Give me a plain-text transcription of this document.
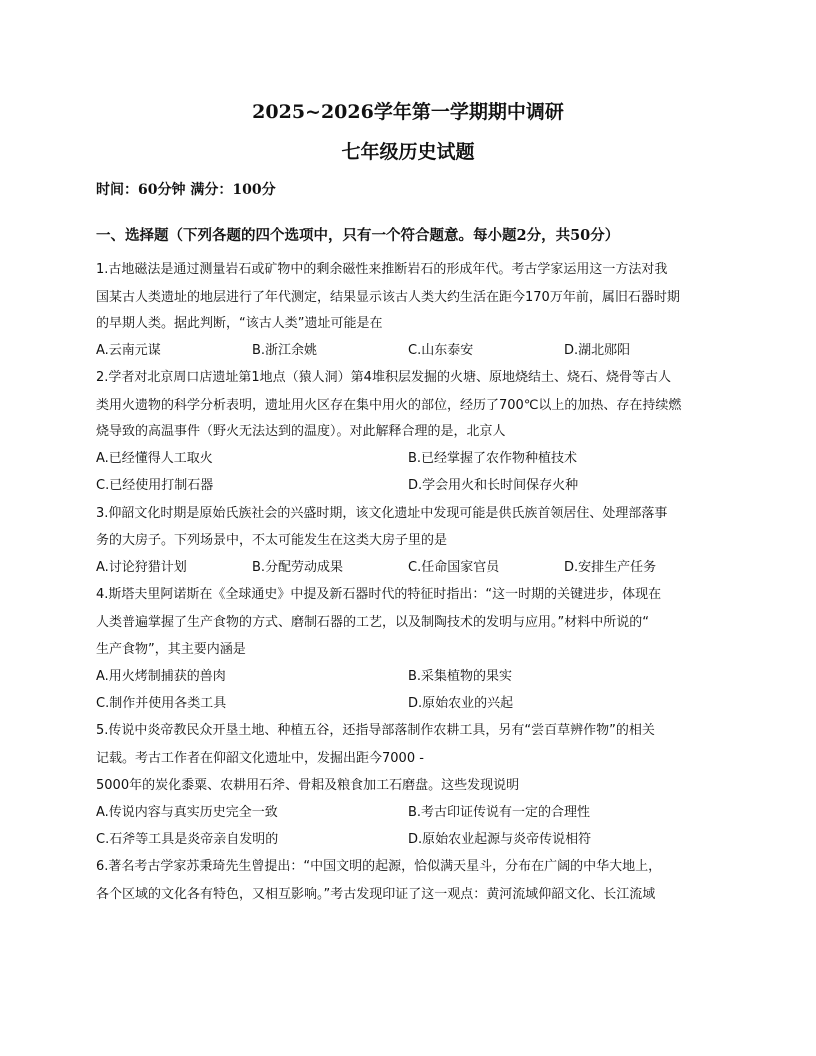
2025~2026学年第一学期期中调研
七年级历史试题
时间：60分钟 满分：100分
一、选择题（下列各题的四个选项中，只有一个符合题意。每小题2分，共50分）
1.古地磁法是通过测量岩石或矿物中的剩余磁性来推断岩石的形成年代。考古学家运用这一方法对我
国某古人类遗址的地层进行了年代测定，结果显示该古人类大约生活在距今170万年前，属旧石器时期
的早期人类。据此判断，“该古人类”遗址可能是在
A.云南元谋	B.浙江余姚	C.山东泰安	D.湖北郧阳
2.学者对北京周口店遗址第1地点（猿人洞）第4堆积层发掘的火塘、原地烧结土、烧石、烧骨等古人
类用火遗物的科学分析表明，遗址用火区存在集中用火的部位，经历了700℃以上的加热、存在持续燃
烧导致的高温事件（野火无法达到的温度）。对此解释合理的是，北京人
A.已经懂得人工取火	B.已经掌握了农作物种植技术
C.已经使用打制石器	D.学会用火和长时间保存火种
3.仰韶文化时期是原始氏族社会的兴盛时期，该文化遗址中发现可能是供氏族首领居住、处理部落事
务的大房子。下列场景中，不太可能发生在这类大房子里的是
A.讨论狩猎计划	B.分配劳动成果	C.任命国家官员	D.安排生产任务
4.斯塔夫里阿诺斯在《全球通史》中提及新石器时代的特征时指出：“这一时期的关键进步，体现在
人类普遍掌握了生产食物的方式、磨制石器的工艺，以及制陶技术的发明与应用。”材料中所说的“
生产食物”，其主要内涵是
A.用火烤制捕获的兽肉	B.采集植物的果实
C.制作并使用各类工具	D.原始农业的兴起
5.传说中炎帝教民众开垦土地、种植五谷，还指导部落制作农耕工具，另有“尝百草辨作物”的相关
记载。考古工作者在仰韶文化遗址中，发掘出距今7000 -
5000年的炭化黍粟、农耕用石斧、骨耜及粮食加工石磨盘。这些发现说明
A.传说内容与真实历史完全一致	B.考古印证传说有一定的合理性
C.石斧等工具是炎帝亲自发明的	D.原始农业起源与炎帝传说相符
6.著名考古学家苏秉琦先生曾提出：“中国文明的起源，恰似满天星斗，分布在广阔的中华大地上，
各个区域的文化各有特色，又相互影响。”考古发现印证了这一观点：黄河流域仰韶文化、长江流域
